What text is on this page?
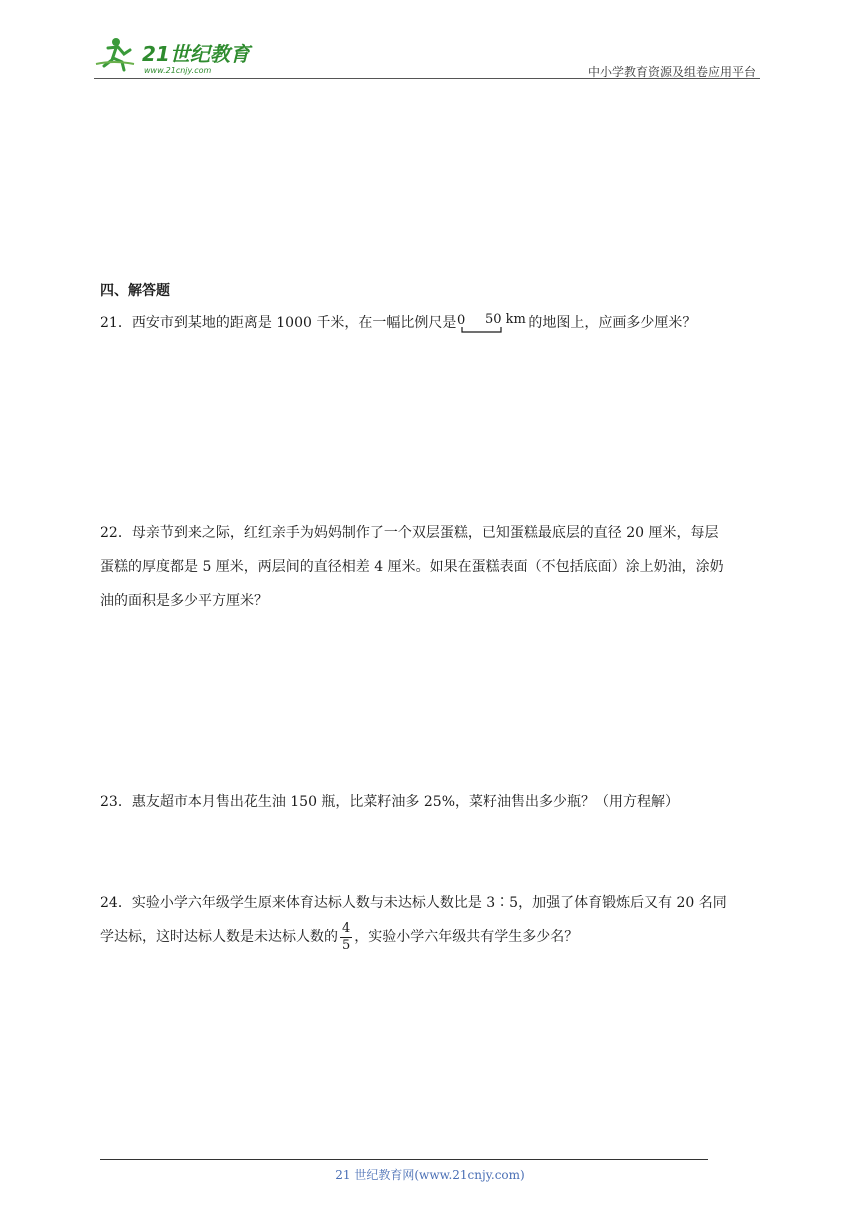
21世纪教育
www.21cnjy.com	中小学教育资源及组卷应用平台
四、解答题
21．西安市到某地的距离是 1000 千米，在一幅比例尺是 0 50 km 的地图上，应画多少厘米？
22．母亲节到来之际，红红亲手为妈妈制作了一个双层蛋糕，已知蛋糕最底层的直径 20 厘米，每层
蛋糕的厚度都是 5 厘米，两层间的直径相差 4 厘米。如果在蛋糕表面（不包括底面）涂上奶油，涂奶
油的面积是多少平方厘米？
23．惠友超市本月售出花生油 150 瓶，比菜籽油多 25%，菜籽油售出多少瓶？（用方程解）
24．实验小学六年级学生原来体育达标人数与未达标人数比是 3∶5，加强了体育锻炼后又有 20 名同
学达标，这时达标人数是未达标人数的 $\frac{4}{5}$ ，实验小学六年级共有学生多少名？
21 世纪教育网(www.21cnjy.com)
